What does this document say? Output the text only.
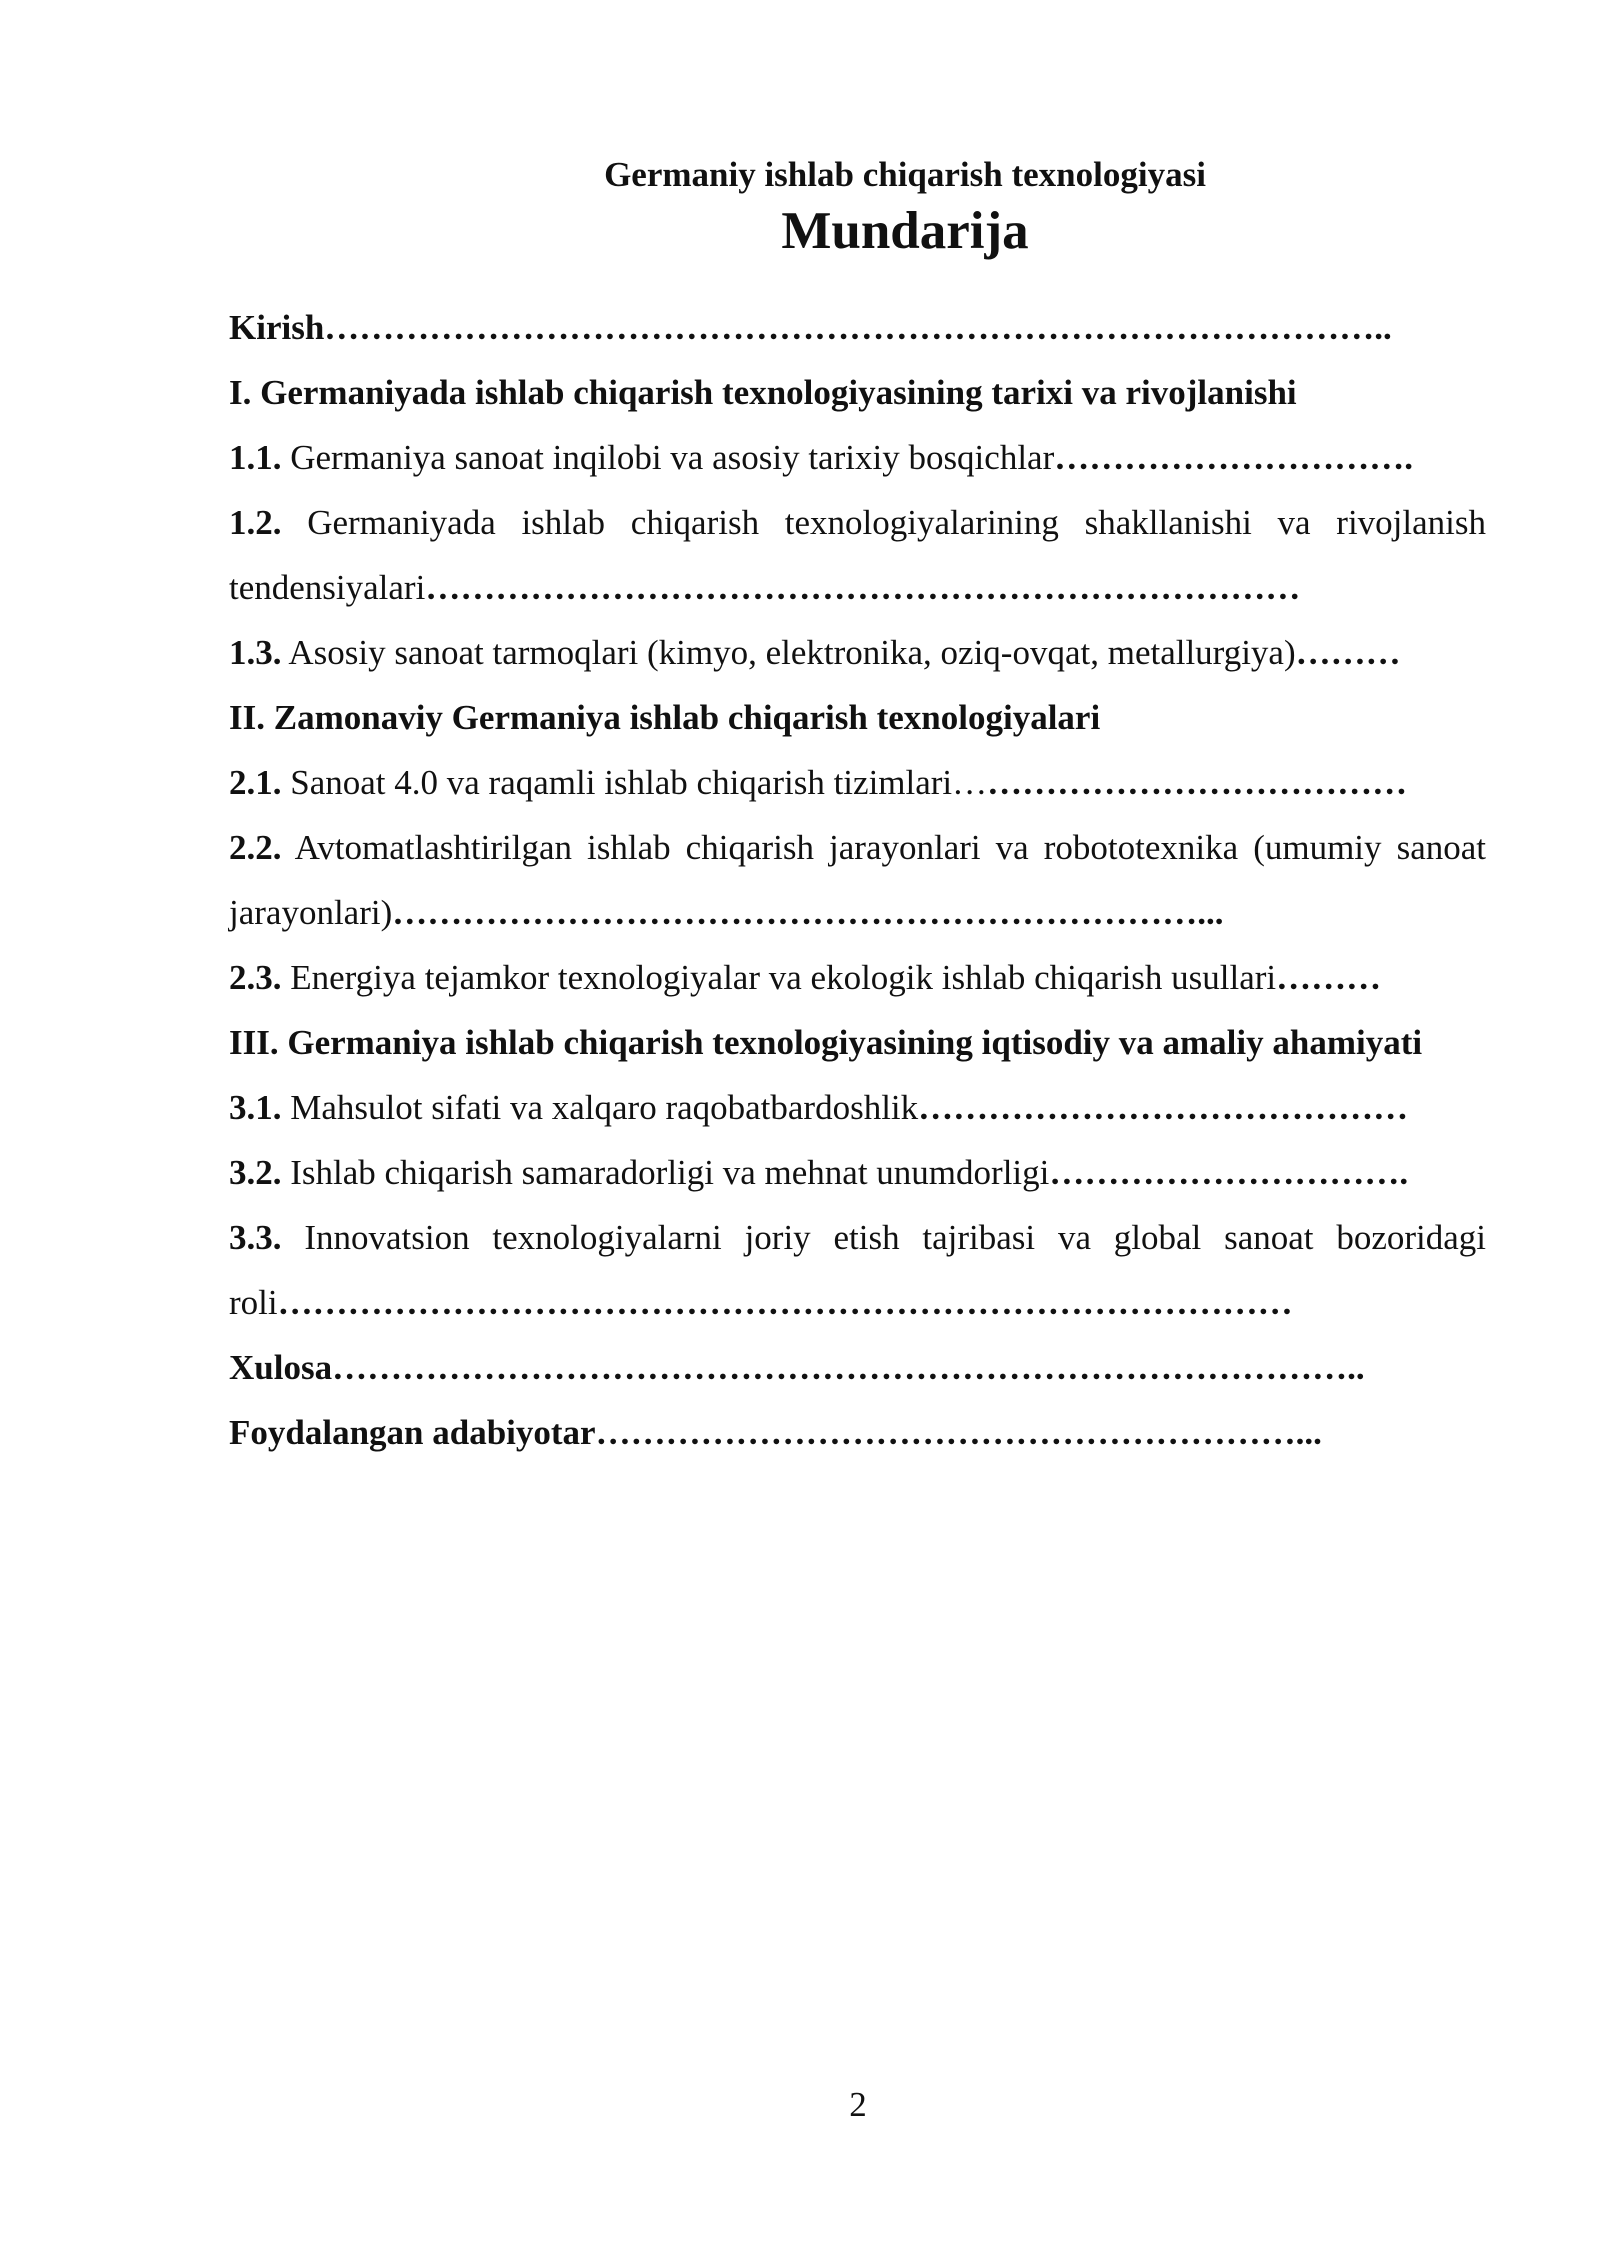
Germaniy ishlab chiqarish texnologiyasi
Mundarija
Kirish………………………………………………………………………………..
I. Germaniyada ishlab chiqarish texnologiyasining tarixi va rivojlanishi
1.1. Germaniya sanoat inqilobi va asosiy tarixiy bosqichlar………………………….
1.2. Germaniyada ishlab chiqarish texnologiyalarining shakllanishi va rivojlanish tendensiyalari…………………………………………………………………
1.3. Asosiy sanoat tarmoqlari (kimyo, elektronika, oziq-ovqat, metallurgiya)………
II. Zamonaviy Germaniya ishlab chiqarish texnologiyalari
2.1. Sanoat 4.0 va raqamli ishlab chiqarish tizimlari…………………………………
2.2. Avtomatlashtirilgan ishlab chiqarish jarayonlari va robototexnika (umumiy sanoat jarayonlari)……………………………………………………………...
2.3. Energiya tejamkor texnologiyalar va ekologik ishlab chiqarish usullari………
III. Germaniya ishlab chiqarish texnologiyasining iqtisodiy va amaliy ahamiyati
3.1. Mahsulot sifati va xalqaro raqobatbardoshlik……………………………………
3.2. Ishlab chiqarish samaradorligi va mehnat unumdorligi………………………….
3.3. Innovatsion texnologiyalarni joriy etish tajribasi va global sanoat bozoridagi roli……………………………………………………………………………
Xulosa……………………………………………………………………………..
Foydalangan adabiyotar……………………………………………………...
2
